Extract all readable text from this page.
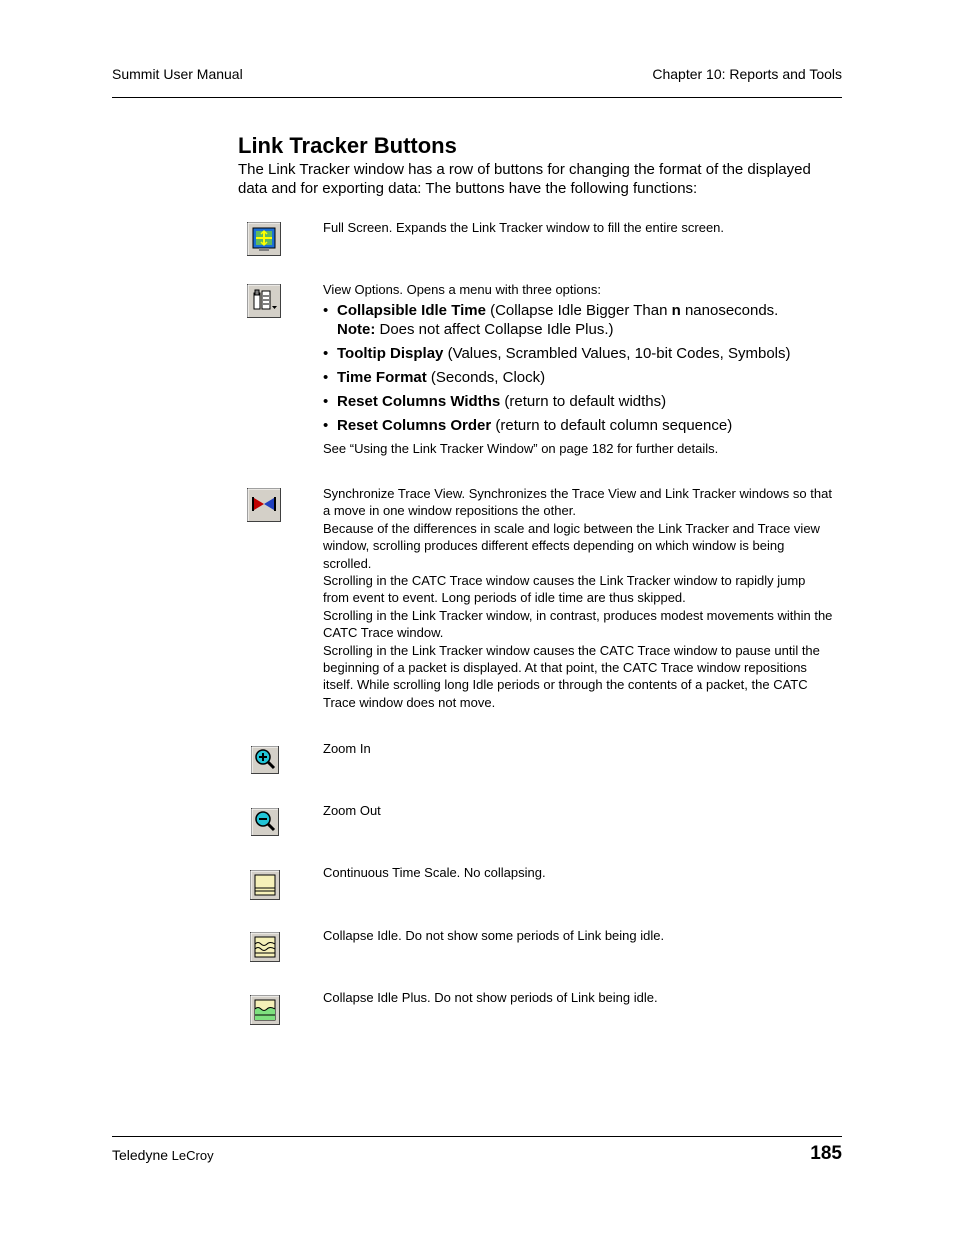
Summit User Manual	Chapter 10: Reports and Tools
Link Tracker Buttons

The Link Tracker window has a row of buttons for changing the format of the displayed data and for exporting data: The buttons have the following functions:

Full Screen. Expands the Link Tracker window to fill the entire screen.

View Options. Opens a menu with three options:

• Collapsible Idle Time (Collapse Idle Bigger Than n nanoseconds.
Note: Does not affect Collapse Idle Plus.)
• Tooltip Display (Values, Scrambled Values, 10-bit Codes, Symbols)
• Time Format (Seconds, Clock)
• Reset Columns Widths (return to default widths)
• Reset Columns Order (return to default column sequence)

See “Using the Link Tracker Window” on page 182 for further details.

Synchronize Trace View. Synchronizes the Trace View and Link Tracker windows so that a move in one window repositions the other.

Because of the differences in scale and logic between the Link Tracker and Trace view window, scrolling produces different effects depending on which window is being scrolled.

Scrolling in the CATC Trace window causes the Link Tracker window to rapidly jump from event to event. Long periods of idle time are thus skipped.

Scrolling in the Link Tracker window, in contrast, produces modest movements within the CATC Trace window.

Scrolling in the Link Tracker window causes the CATC Trace window to pause until the beginning of a packet is displayed. At that point, the CATC Trace window repositions itself. While scrolling long Idle periods or through the contents of a packet, the CATC Trace window does not move.

Zoom In

Zoom Out

Continuous Time Scale. No collapsing.

Collapse Idle. Do not show some periods of Link being idle.

Collapse Idle Plus. Do not show periods of Link being idle.

Teledyne LeCroy	185
